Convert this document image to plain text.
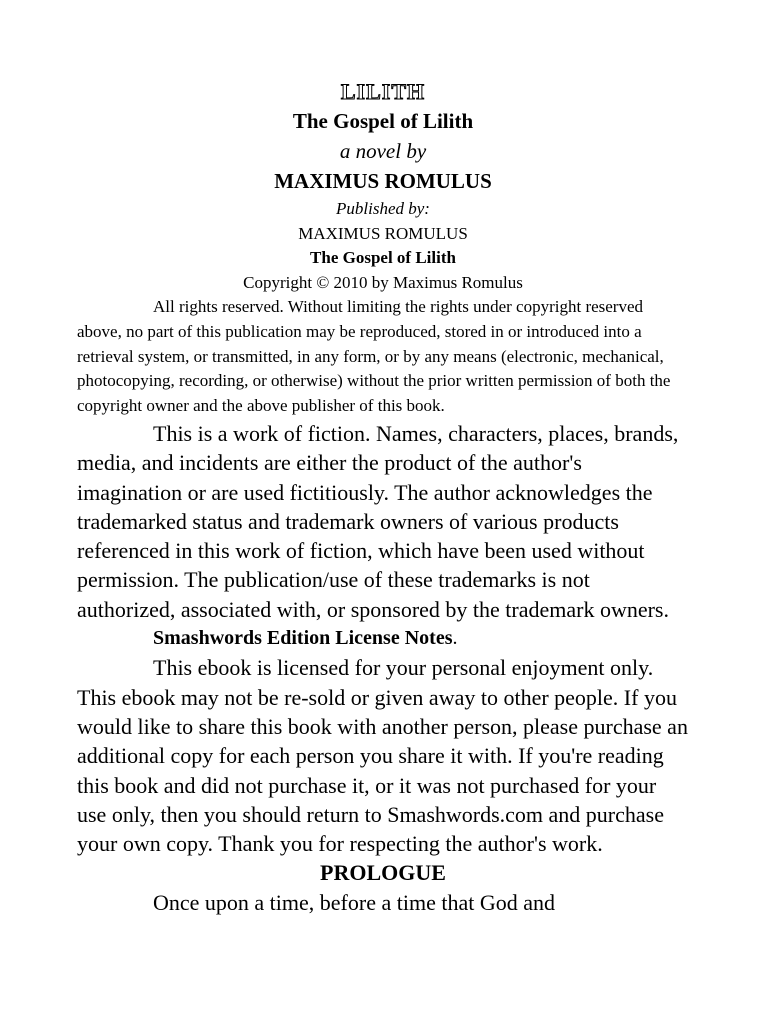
LILITH
The Gospel of Lilith
a novel by
MAXIMUS ROMULUS
Published by:
MAXIMUS ROMULUS
The Gospel of Lilith
Copyright © 2010 by Maximus Romulus

All rights reserved. Without limiting the rights under copyright reserved above, no part of this publication may be reproduced, stored in or introduced into a retrieval system, or transmitted, in any form, or by any means (electronic, mechanical, photocopying, recording, or otherwise) without the prior written permission of both the copyright owner and the above publisher of this book.

This is a work of fiction. Names, characters, places, brands, media, and incidents are either the product of the author's imagination or are used fictitiously. The author acknowledges the trademarked status and trademark owners of various products referenced in this work of fiction, which have been used without permission. The publication/use of these trademarks is not authorized, associated with, or sponsored by the trademark owners.

Smashwords Edition License Notes.

This ebook is licensed for your personal enjoyment only. This ebook may not be re-sold or given away to other people. If you would like to share this book with another person, please purchase an additional copy for each person you share it with. If you're reading this book and did not purchase it, or it was not purchased for your use only, then you should return to Smashwords.com and purchase your own copy. Thank you for respecting the author's work.

PROLOGUE

Once upon a time, before a time that God and
